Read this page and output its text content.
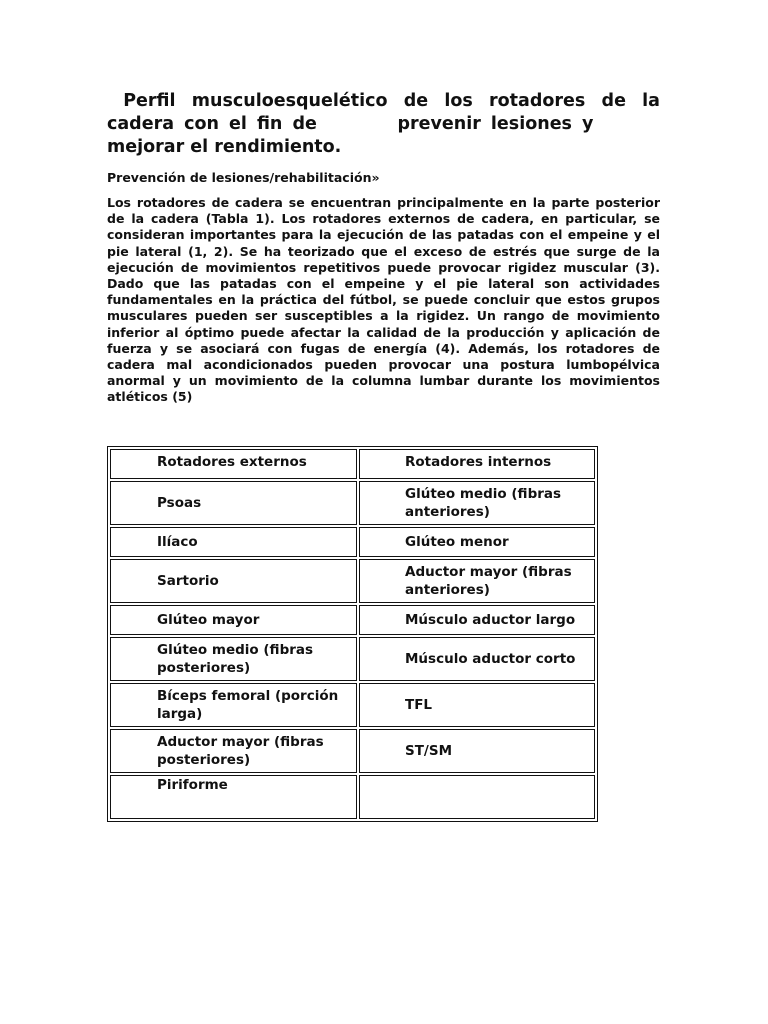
Perfil musculoesquelético de los rotadores de la cadera con el fin de        prevenir lesiones y        mejorar el rendimiento.

Prevención de lesiones/rehabilitación»

Los rotadores de cadera se encuentran principalmente en la parte posterior de la cadera (Tabla 1). Los rotadores externos de cadera, en particular, se consideran importantes para la ejecución de las patadas con el empeine y el pie lateral (1, 2). Se ha teorizado que el exceso de estrés que surge de la ejecución de movimientos repetitivos puede provocar rigidez muscular (3). Dado que las patadas con el empeine y el pie lateral son actividades fundamentales en la práctica del fútbol, se puede concluir que estos grupos musculares pueden ser susceptibles a la rigidez. Un rango de movimiento inferior al óptimo puede afectar la calidad de la producción y aplicación de fuerza y se asociará con fugas de energía (4). Además, los rotadores de cadera mal acondicionados pueden provocar una postura lumbopélvica anormal y un movimiento de la columna lumbar durante los movimientos atléticos (5)

Rotadores externos	Rotadores internos
Psoas	Glúteo medio (fibras anteriores)
Ilíaco	Glúteo menor
Sartorio	Aductor mayor (fibras anteriores)
Glúteo mayor	Músculo aductor largo
Glúteo medio (fibras posteriores)	Músculo aductor corto
Bíceps femoral (porción larga)	TFL
Aductor mayor (fibras posteriores)	ST/SM
Piriforme	
